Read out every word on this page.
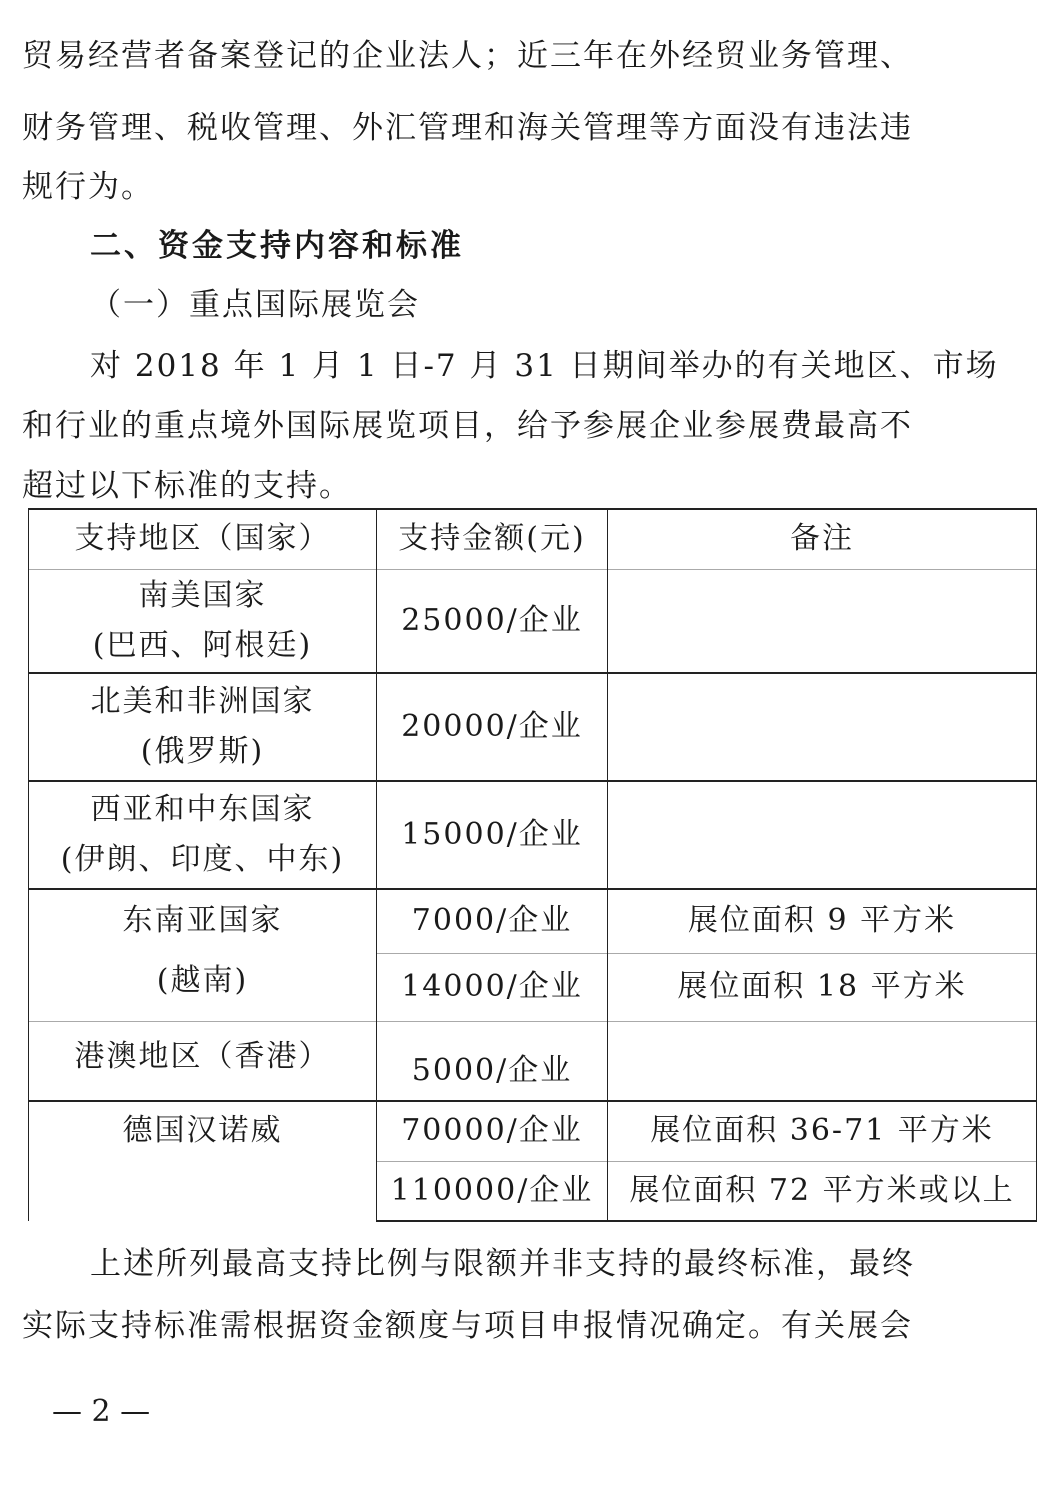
贸易经营者备案登记的企业法人；近三年在外经贸业务管理、
财务管理、税收管理、外汇管理和海关管理等方面没有违法违
规行为。
二、资金支持内容和标准
（一）重点国际展览会
对 2018 年 1 月 1 日-7 月 31 日期间举办的有关地区、市场
和行业的重点境外国际展览项目，给予参展企业参展费最高不
超过以下标准的支持。
支持地区（国家）	支持金额(元)	备注

南美国家
(巴西、阿根廷)	25000/企业	

北美和非洲国家
(俄罗斯)	20000/企业	

西亚和中东国家
(伊朗、印度、中东)	15000/企业	

东南亚国家
(越南)	7000/企业	展位面积 9 平方米
	14000/企业	展位面积 18 平方米

港澳地区（香港）	5000/企业	

德国汉诺威	70000/企业	展位面积 36-71 平方米
	110000/企业	展位面积 72 平方米或以上
上述所列最高支持比例与限额并非支持的最终标准，最终
实际支持标准需根据资金额度与项目申报情况确定。有关展会
— 2 —
